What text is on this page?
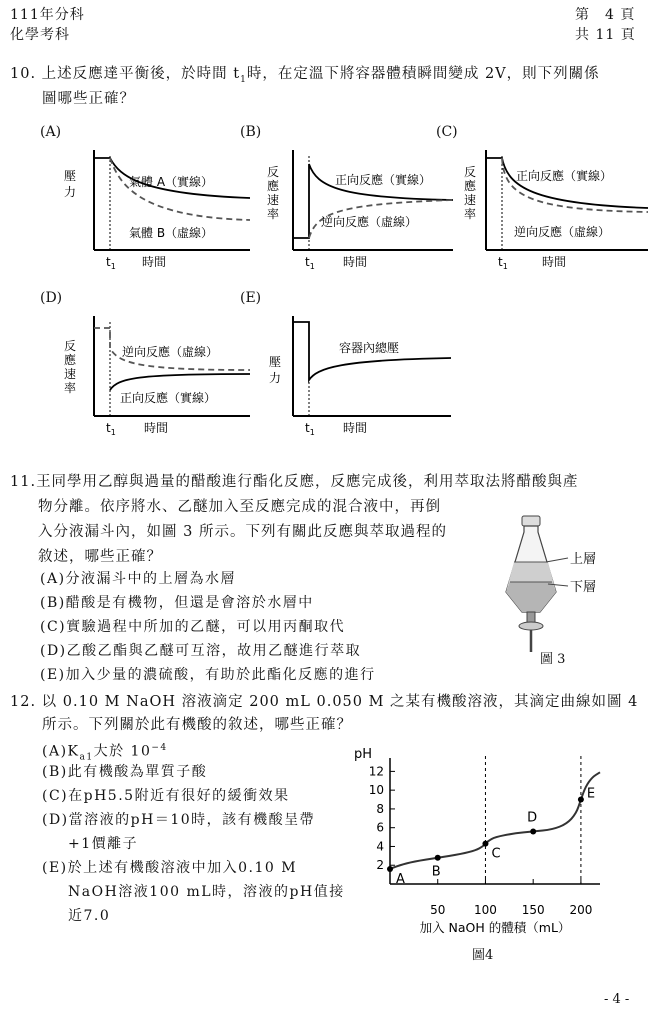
111年分科
化學考科
第　4 頁
共 11 頁
10. 上述反應達平衡後，於時間 $t_1$時，在定溫下將容器體積瞬間變成 2V，則下列關係
圖哪些正確？
(A)	(B)	(C)
(D)	(E)
壓
力
氣體 A（實線）
氣體 B（虛線）
$t_1$ 時間
反
應
速
率
正向反應（實線）
逆向反應（虛線）
$t_1$ 時間
反
應
速
率
正向反應（實線）
逆向反應（虛線）
$t_1$	時間
反
應
速
率
逆向反應（虛線）
正向反應（實線）
$t_1$ 時間
壓
力
容器內總壓
$t_1$ 時間
11.王同學用乙醇與過量的醋酸進行酯化反應，反應完成後，利用萃取法將醋酸與產
物分離。依序將水、乙醚加入至反應完成的混合液中，再倒
入分液漏斗內，如圖 3 所示。下列有關此反應與萃取過程的
敘述，哪些正確？
(A)分液漏斗中的上層為水層
(B)醋酸是有機物，但還是會溶於水層中
(C)實驗過程中所加的乙醚，可以用丙酮取代
(D)乙酸乙酯與乙醚可互溶，故用乙醚進行萃取
(E)加入少量的濃硫酸，有助於此酯化反應的進行
上層
下層
圖 3
12. 以 0.10 M NaOH 溶液滴定 200 mL 0.050 M 之某有機酸溶液，其滴定曲線如圖 4
所示。下列關於此有機酸的敘述，哪些正確？
$(A)K_{a1}$大於 $10^{-4}$
(B)此有機酸為單質子酸
(C)在pH5.5附近有很好的緩衝效果
(D)當溶液的pH＝10時，該有機酸呈帶
+1價離子
(E)於上述有機酸溶液中加入0.10 M
NaOH溶液100 mL時，溶液的pH值接
近7.0
pH
2
4
6
8
10
12
50 100 150 200
A B
C
D
E
加入 NaOH 的體積（mL）
圖4
- 4 -
